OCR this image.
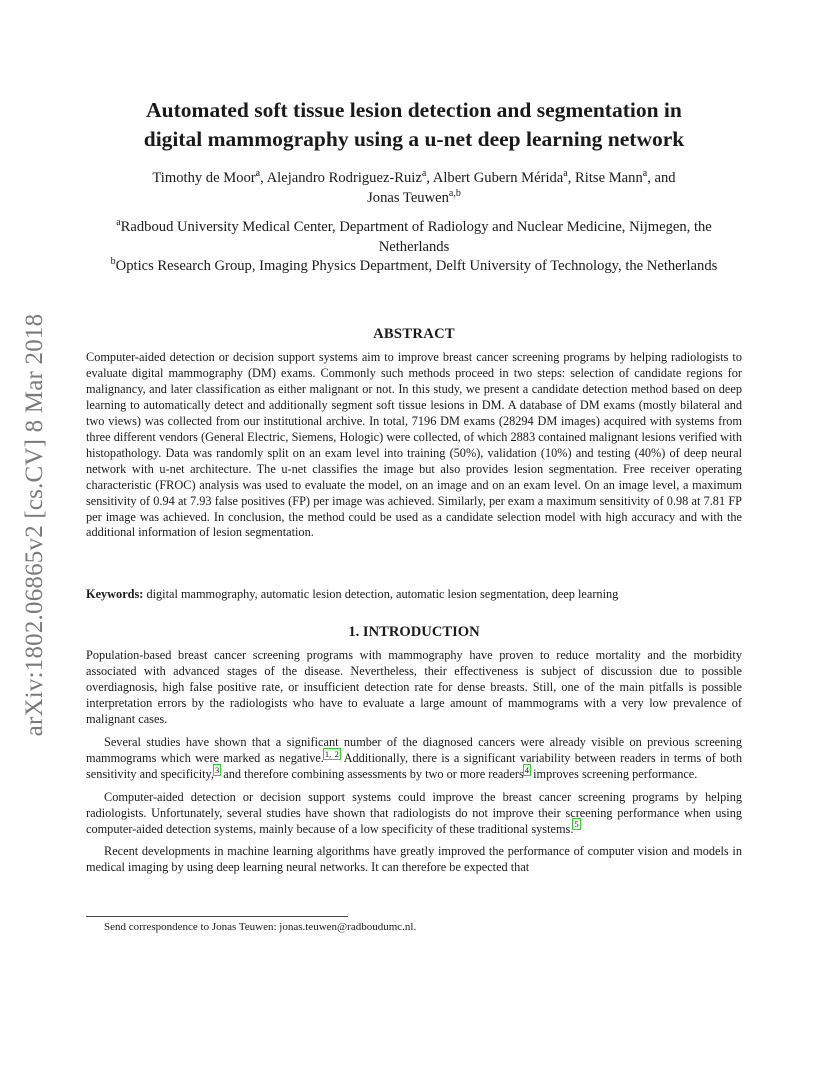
arXiv:1802.06865v2 [cs.CV] 8 Mar 2018
Automated soft tissue lesion detection and segmentation in
digital mammography using a u-net deep learning network
Timothy de Moor$^a$, Alejandro Rodriguez-Ruiz$^a$, Albert Gubern Mérida$^a$, Ritse Mann$^a$, and
Jonas Teuwen$^{a,b}$
$^a$Radboud University Medical Center, Department of Radiology and Nuclear Medicine, Nijmegen, the Netherlands
$^b$Optics Research Group, Imaging Physics Department, Delft University of Technology, the Netherlands
ABSTRACT

Computer-aided detection or decision support systems aim to improve breast cancer screening programs by helping radiologists to evaluate digital mammography (DM) exams. Commonly such methods proceed in two steps: selection of candidate regions for malignancy, and later classification as either malignant or not. In this study, we present a candidate detection method based on deep learning to automatically detect and additionally segment soft tissue lesions in DM. A database of DM exams (mostly bilateral and two views) was collected from our institutional archive. In total, 7196 DM exams (28294 DM images) acquired with systems from three different vendors (General Electric, Siemens, Hologic) were collected, of which 2883 contained malignant lesions verified with histopathology. Data was randomly split on an exam level into training (50%), validation (10%) and testing (40%) of deep neural network with u-net architecture. The u-net classifies the image but also provides lesion segmentation. Free receiver operating characteristic (FROC) analysis was used to evaluate the model, on an image and on an exam level. On an image level, a maximum sensitivity of 0.94 at 7.93 false positives (FP) per image was achieved. Similarly, per exam a maximum sensitivity of 0.98 at 7.81 FP per image was achieved. In conclusion, the method could be used as a candidate selection model with high accuracy and with the additional information of lesion segmentation.

Keywords: digital mammography, automatic lesion detection, automatic lesion segmentation, deep learning

1. INTRODUCTION

Population-based breast cancer screening programs with mammography have proven to reduce mortality and the morbidity associated with advanced stages of the disease. Nevertheless, their effectiveness is subject of discussion due to possible overdiagnosis, high false positive rate, or insufficient detection rate for dense breasts. Still, one of the main pitfalls is possible interpretation errors by the radiologists who have to evaluate a large amount of mammograms with a very low prevalence of malignant cases.

Several studies have shown that a significant number of the diagnosed cancers were already visible on previous screening mammograms which were marked as negative.$^{1, 2}$ Additionally, there is a significant variability between readers in terms of both sensitivity and specificity,$^3$ and therefore combining assessments by two or more readers$^4$ improves screening performance.

Computer-aided detection or decision support systems could improve the breast cancer screening programs by helping radiologists. Unfortunately, several studies have shown that radiologists do not improve their screening performance when using computer-aided detection systems, mainly because of a low specificity of these traditional systems.$^5$

Recent developments in machine learning algorithms have greatly improved the performance of computer vision and models in medical imaging by using deep learning neural networks. It can therefore be expected that

Send correspondence to Jonas Teuwen: jonas.teuwen@radboudumc.nl.
